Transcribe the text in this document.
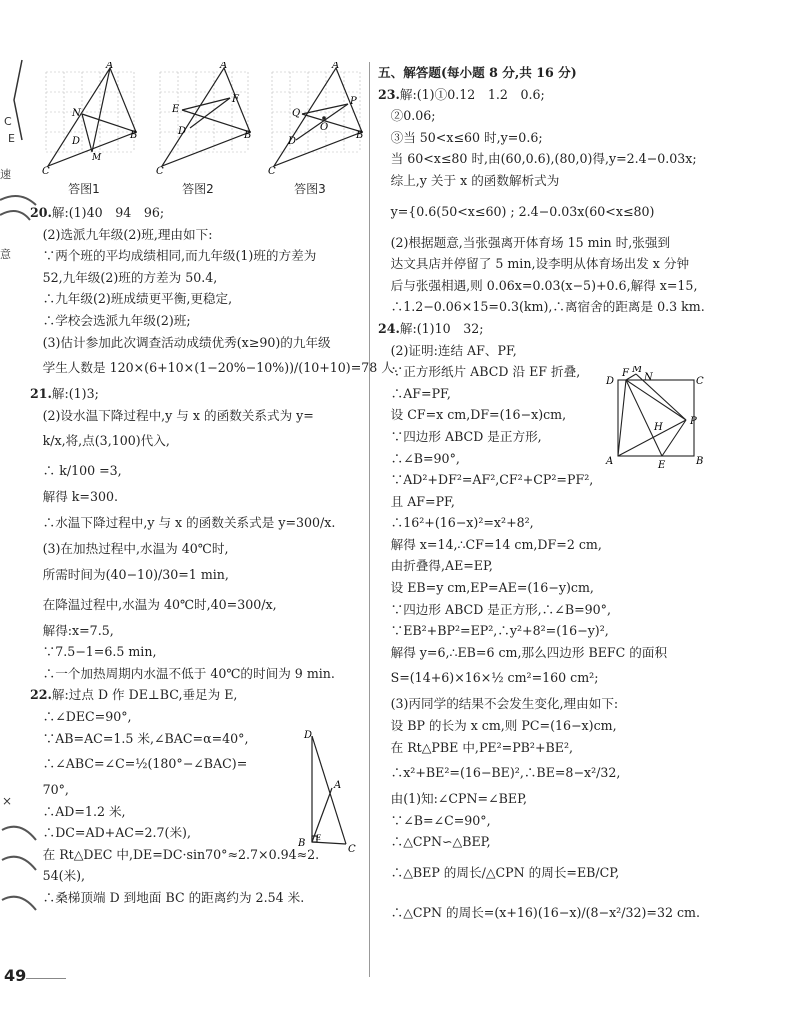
C
E
速
意
×
A
B
C
N
D
M
答图1
A
B
C
E
F
D
答图2
A
B
C
P
Q
O
D
答图3
20.解:(1)40　94　96;
　(2)选派九年级(2)班,理由如下:
　∵两个班的平均成绩相同,而九年级(1)班的方差为
　52,九年级(2)班的方差为 50.4,
　∴九年级(2)班成绩更平衡,更稳定,
　∴学校会选派九年级(2)班;
　(3)估计参加此次调查活动成绩优秀(x≥90)的九年级
　学生人数是 120×(6+10×(1−20%−10%))/(10+10)=78 人.
21.解:(1)3;
　(2)设水温下降过程中,y 与 x 的函数关系式为 y=
　k/x,将,点(3,100)代入,
　∴ k/100 =3,
　解得 k=300.
　∴水温下降过程中,y 与 x 的函数关系式是 y=300/x.
　(3)在加热过程中,水温为 40℃时,
　所需时间为(40−10)/30=1 min,
　在降温过程中,水温为 40℃时,40=300/x,
　解得:x=7.5,
　∵7.5−1=6.5 min,
　∴一个加热周期内水温不低于 40℃的时间为 9 min.
22.解:过点 D 作 DE⊥BC,垂足为 E,
　∴∠DEC=90°,
　∵AB=AC=1.5 米,∠BAC=α=40°,
　∴∠ABC=∠C=½(180°−∠BAC)=
　70°,
　∴AD=1.2 米,
　∴DC=AD+AC=2.7(米),
　在 Rt△DEC 中,DE=DC·sin70°≈2.7×0.94≈2.
　54(米),
　∴桑梯顶端 D 到地面 BC 的距离约为 2.54 米.
D
A
B
C
E
五、解答题(每小题 8 分,共 16 分)
23.解:(1)①0.12　1.2　0.6;
　②0.06;
　③当 50<x≤60 时,y=0.6;
　当 60<x≤80 时,由(60,0.6),(80,0)得,y=2.4−0.03x;
　综上,y 关于 x 的函数解析式为
　y={0.6(50<x≤60) ; 2.4−0.03x(60<x≤80)
　(2)根据题意,当张强离开体育场 15 min 时,张强到
　达文具店并停留了 5 min,设李明从体育场出发 x 分钟
　后与张强相遇,则 0.06x=0.03(x−5)+0.6,解得 x=15,
　∴1.2−0.06×15=0.3(km),∴离宿舍的距离是 0.3 km.
24.解:(1)10　32;
　(2)证明:连结 AF、PF,
　∵正方形纸片 ABCD 沿 EF 折叠,
　∴AF=PF,
　设 CF=x cm,DF=(16−x)cm,
　∵四边形 ABCD 是正方形,
　∴∠B=90°,
　∵AD²+DF²=AF²,CF²+CP²=PF²,
　且 AF=PF,
　∴16²+(16−x)²=x²+8²,
　解得 x=14,∴CF=14 cm,DF=2 cm,
　由折叠得,AE=EP,
　设 EB=y cm,EP=AE=(16−y)cm,
　∵四边形 ABCD 是正方形,∴∠B=90°,
　∵EB²+BP²=EP²,∴y²+8²=(16−y)²,
　解得 y=6,∴EB=6 cm,那么四边形 BEFC 的面积
　S=(14+6)×16×½ cm²=160 cm²;
　(3)丙同学的结果不会发生变化,理由如下:
　设 BP 的长为 x cm,则 PC=(16−x)cm,
　在 Rt△PBE 中,PE²=PB²+BE²,
　∴x²+BE²=(16−BE)²,∴BE=8−x²/32,
　由(1)知:∠CPN=∠BEP,
　∵∠B=∠C=90°,
　∴△CPN∽△BEP,
　∴△BEP 的周长/△CPN 的周长=EB/CP,
　∴△CPN 的周长=(x+16)(16−x)/(8−x²/32)=32 cm.
D
F M
N	C
P
H
A	E	B
49
